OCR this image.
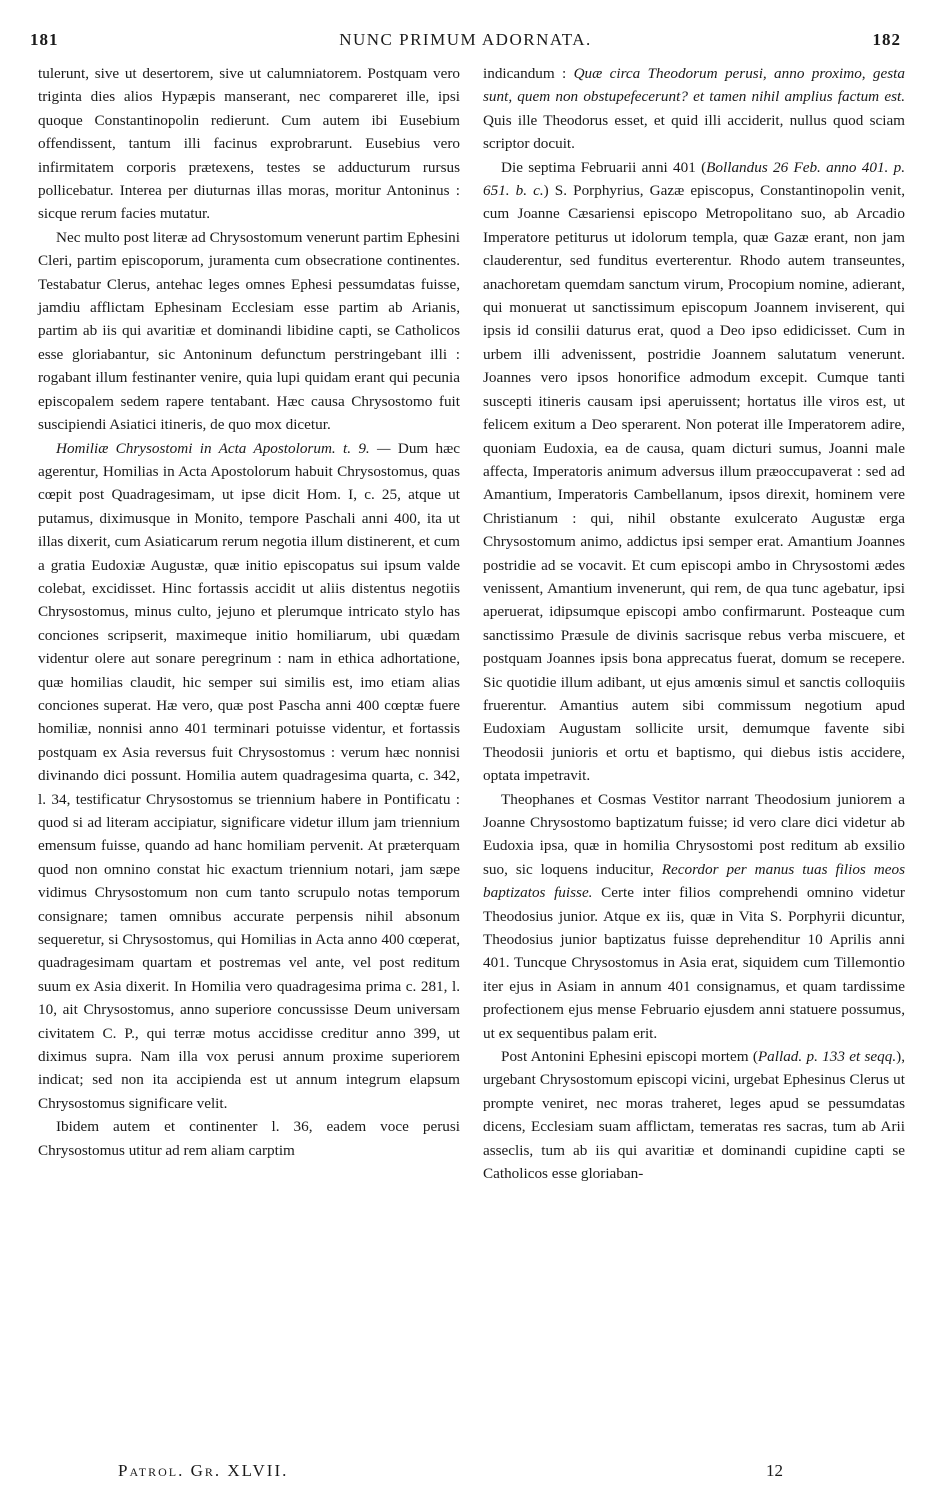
181	NUNC PRIMUM ADORNATA.	182

tulerunt, sive ut desertorem, sive ut calumniatorem. Postquam vero triginta dies alios Hypæpis manserant, nec compareret ille, ipsi quoque Constantinopolin redierunt. Cum autem ibi Eusebium offendissent, tantum illi facinus exprobrarunt. Eusebius vero infirmitatem corporis prætexens, testes se adducturum rursus pollicebatur. Interea per diuturnas illas moras, moritur Antoninus : sicque rerum facies mutatur.

Nec multo post literæ ad Chrysostomum venerunt partim Ephesini Cleri, partim episcoporum, juramenta cum obsecratione continentes. Testabatur Clerus, antehac leges omnes Ephesi pessumdatas fuisse, jamdiu afflictam Ephesinam Ecclesiam esse partim ab Arianis, partim ab iis qui avaritiæ et dominandi libidine capti, se Catholicos esse gloriabantur, sic Antoninum defunctum perstringebant illi : rogabant illum festinanter venire, quia lupi quidam erant qui pecunia episcopalem sedem rapere tentabant. Hæc causa Chrysostomo fuit suscipiendi Asiatici itineris, de quo mox dicetur.

Homiliæ Chrysostomi in Acta Apostolorum. t. 9. — Dum hæc agerentur, Homilias in Acta Apostolorum habuit Chrysostomus, quas cœpit post Quadragesimam, ut ipse dicit Hom. I, c. 25, atque ut putamus, diximusque in Monito, tempore Paschali anni 400, ita ut illas dixerit, cum Asiaticarum rerum negotia illum distinerent, et cum a gratia Eudoxiæ Augustæ, quæ initio episcopatus sui ipsum valde colebat, excidisset. Hinc fortassis accidit ut aliis distentus negotiis Chrysostomus, minus culto, jejuno et plerumque intricato stylo has conciones scripserit, maximeque initio homiliarum, ubi quædam videntur olere aut sonare peregrinum : nam in ethica adhortatione, quæ homilias claudit, hic semper sui similis est, imo etiam alias conciones superat. Hæ vero, quæ post Pascha anni 400 cœptæ fuere homiliæ, nonnisi anno 401 terminari potuisse videntur, et fortassis postquam ex Asia reversus fuit Chrysostomus : verum hæc nonnisi divinando dici possunt. Homilia autem quadragesima quarta, c. 342, l. 34, testificatur Chrysostomus se triennium habere in Pontificatu : quod si ad literam accipiatur, significare videtur illum jam triennium emensum fuisse, quando ad hanc homiliam pervenit. At præterquam quod non omnino constat hic exactum triennium notari, jam sæpe vidimus Chrysostomum non cum tanto scrupulo notas temporum consignare; tamen omnibus accurate perpensis nihil absonum sequeretur, si Chrysostomus, qui Homilias in Acta anno 400 cœperat, quadragesimam quartam et postremas vel ante, vel post reditum suum ex Asia dixerit. In Homilia vero quadragesima prima c. 281, l. 10, ait Chrysostomus, anno superiore concussisse Deum universam civitatem C. P., qui terræ motus accidisse creditur anno 399, ut diximus supra. Nam illa vox perusi annum proxime superiorem indicat; sed non ita accipienda est ut annum integrum elapsum Chrysostomus significare velit.

Ibidem autem et continenter l. 36, eadem voce perusi Chrysostomus utitur ad rem aliam carptim

indicandum : Quæ circa Theodorum perusi, anno proximo, gesta sunt, quem non obstupefecerunt? et tamen nihil amplius factum est. Quis ille Theodorus esset, et quid illi acciderit, nullus quod sciam scriptor docuit.

Die septima Februarii anni 401 (Bollandus 26 Feb. anno 401. p. 651. b. c.) S. Porphyrius, Gazæ episcopus, Constantinopolin venit, cum Joanne Cæsariensi episcopo Metropolitano suo, ab Arcadio Imperatore petiturus ut idolorum templa, quæ Gazæ erant, non jam clauderentur, sed funditus everterentur. Rhodo autem transeuntes, anachoretam quemdam sanctum virum, Procopium nomine, adierant, qui monuerat ut sanctissimum episcopum Joannem inviserent, qui ipsis id consilii daturus erat, quod a Deo ipso edidicisset. Cum in urbem illi advenissent, postridie Joannem salutatum venerunt. Joannes vero ipsos honorifice admodum excepit. Cumque tanti suscepti itineris causam ipsi aperuissent; hortatus ille viros est, ut felicem exitum a Deo sperarent. Non poterat ille Imperatorem adire, quoniam Eudoxia, ea de causa, quam dicturi sumus, Joanni male affecta, Imperatoris animum adversus illum præoccupaverat : sed ad Amantium, Imperatoris Cambellanum, ipsos direxit, hominem vere Christianum : qui, nihil obstante exulcerato Augustæ erga Chrysostomum animo, addictus ipsi semper erat. Amantium Joannes postridie ad se vocavit. Et cum episcopi ambo in Chrysostomi ædes venissent, Amantium invenerunt, qui rem, de qua tunc agebatur, ipsi aperuerat, idipsumque episcopi ambo confirmarunt. Posteaque cum sanctissimo Præsule de divinis sacrisque rebus verba miscuere, et postquam Joannes ipsis bona apprecatus fuerat, domum se recepere. Sic quotidie illum adibant, ut ejus amœnis simul et sanctis colloquiis fruerentur. Amantius autem sibi commissum negotium apud Eudoxiam Augustam sollicite ursit, demumque favente sibi Theodosii junioris et ortu et baptismo, qui diebus istis accidere, optata impetravit.

Theophanes et Cosmas Vestitor narrant Theodosium juniorem a Joanne Chrysostomo baptizatum fuisse; id vero clare dici videtur ab Eudoxia ipsa, quæ in homilia Chrysostomi post reditum ab exsilio suo, sic loquens inducitur, Recordor per manus tuas filios meos baptizatos fuisse. Certe inter filios comprehendi omnino videtur Theodosius junior. Atque ex iis, quæ in Vita S. Porphyrii dicuntur, Theodosius junior baptizatus fuisse deprehenditur 10 Aprilis anni 401. Tuncque Chrysostomus in Asia erat, siquidem cum Tillemontio iter ejus in Asiam in annum 401 consignamus, et quam tardissime profectionem ejus mense Februario ejusdem anni statuere possumus, ut ex sequentibus palam erit.

Post Antonini Ephesini episcopi mortem (Pallad. p. 133 et seqq.), urgebant Chrysostomum episcopi vicini, urgebat Ephesinus Clerus ut prompte veniret, nec moras traheret, leges apud se pessumdatas dicens, Ecclesiam suam afflictam, temeratas res sacras, tum ab Arii asseclis, tum ab iis qui avaritiæ et dominandi cupidine capti se Catholicos esse gloriaban-

Patrol. Gr. XLVII.	12
